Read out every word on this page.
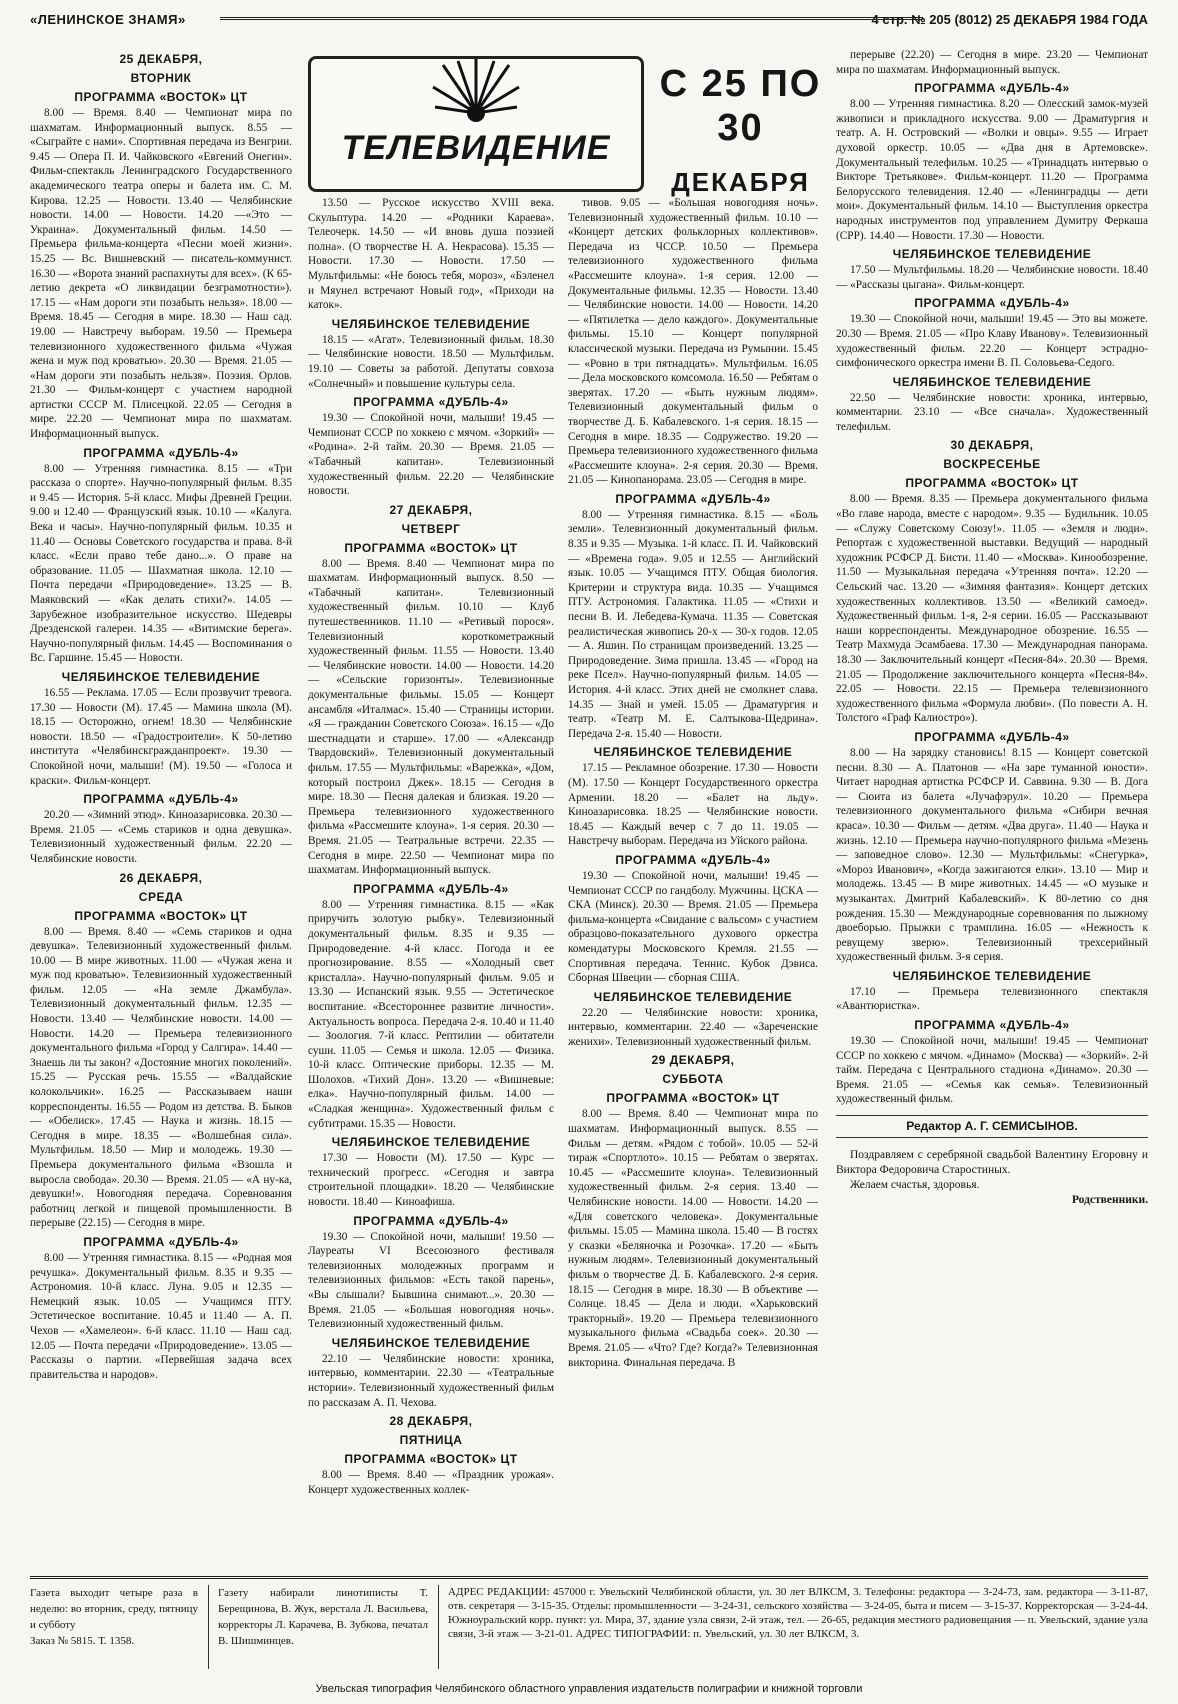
«ЛЕНИНСКОЕ ЗНАМЯ»	4 стр. № 205 (8012) 25 ДЕКАБРЯ 1984 ГОДА
ТЕЛЕВИДЕНИЕ
С 25 ПО 30
ДЕКАБРЯ
25 ДЕКАБРЯ,
ВТОРНИК
ПРОГРАММА «ВОСТОК» ЦТ

8.00 — Время. 8.40 — Чемпионат мира по шахматам. Информационный выпуск. 8.55 — «Сыграйте с нами». Спортивная передача из Венгрии. 9.45 — Опера П. И. Чайковского «Евгений Онегин». Фильм-спектакль Ленинградского Государственного академического театра оперы и балета им. С. М. Кирова. 12.25 — Новости. 13.40 — Челябинские новости. 14.00 — Новости. 14.20 —«Это — Украина». Документальный фильм. 14.50 — Премьера фильма-концерта «Песни моей жизни». 15.25 — Вс. Вишневский — писатель-коммунист. 16.30 — «Ворота знаний распахнуты для всех». (К 65-летию декрета «О ликвидации безграмотности»). 17.15 — «Нам дороги эти позабыть нельзя». 18.00 — Время. 18.45 — Сегодня в мире. 18.30 — Наш сад. 19.00 — Навстречу выборам. 19.50 — Премьера телевизионного художественного фильма «Чужая жена и муж под кроватью». 20.30 — Время. 21.05 — «Нам дороги эти позабыть нельзя». Поэзия. Орлов. 21.30 — Фильм-концерт с участием народной артистки СССР М. Плисецкой. 22.05 — Сегодня в мире. 22.20 — Чемпионат мира по шахматам. Информационный выпуск.

ПРОГРАММА «ДУБЛЬ-4»

8.00 — Утренняя гимнастика. 8.15 — «Три рассказа о спорте». Научно-популярный фильм. 8.35 и 9.45 — История. 5-й класс. Мифы Древней Греции. 9.00 и 12.40 — Французский язык. 10.10 — «Калуга. Века и часы». Научно-популярный фильм. 10.35 и 11.40 — Основы Советского государства и права. 8-й класс. «Если право тебе дано...». О праве на образование. 11.05 — Шахматная школа. 12.10 — Почта передачи «Природоведение». 13.25 — В. Маяковский — «Как делать стихи?». 14.05 — Зарубежное изобразительное искусство. Шедевры Дрезденской галереи. 14.35 — «Витимские берега». Научно-популярный фильм. 14.45 — Воспоминания о Вс. Гаршине. 15.45 — Новости.

ЧЕЛЯБИНСКОЕ ТЕЛЕВИДЕНИЕ

16.55 — Реклама. 17.05 — Если прозвучит тревога. 17.30 — Новости (М). 17.45 — Мамина школа (М). 18.15 — Осторожно, огнем! 18.30 — Челябинские новости. 18.50 — «Градостроители». К 50-летию института «Челябинскгражданпроект». 19.30 — Спокойной ночи, малыши! (М). 19.50 — «Голоса и краски». Фильм-концерт.

ПРОГРАММА «ДУБЛЬ-4»

20.20 — «Зимний этюд». Киноазарисовка. 20.30 — Время. 21.05 — «Семь стариков и одна девушка». Телевизионный художественный фильм. 22.20 — Челябинские новости.

26 ДЕКАБРЯ,
СРЕДА
ПРОГРАММА «ВОСТОК» ЦТ

8.00 — Время. 8.40 — «Семь стариков и одна девушка». Телевизионный художественный фильм. 10.00 — В мире животных. 11.00 — «Чужая жена и муж под кроватью». Телевизионный художественный фильм. 12.05 — «На земле Джамбула». Телевизионный документальный фильм. 12.35 — Новости. 13.40 — Челябинские новости. 14.00 — Новости. 14.20 — Премьера телевизионного документального фильма «Город у Салгира». 14.40 — Знаешь ли ты закон? «Достояние многих поколений». 15.25 — Русская речь. 15.55 — «Валдайские колокольчики». 16.25 — Рассказываем наши корреспонденты. 16.55 — Родом из детства. В. Быков — «Обелиск». 17.45 — Наука и жизнь. 18.15 — Сегодня в мире. 18.35 — «Волшебная сила». Мультфильм. 18.50 — Мир и молодежь. 19.30 — Премьера документального фильма «Взошла и выросла свобода». 20.30 — Время. 21.05 — «А ну-ка, девушки!». Новогодняя передача. Соревнования работниц легкой и пищевой промышленности. В перерыве (22.15) — Сегодня в мире.

ПРОГРАММА «ДУБЛЬ-4»

8.00 — Утренняя гимнастика. 8.15 — «Родная моя речушка». Документальный фильм. 8.35 и 9.35 — Астрономия. 10-й класс. Луна. 9.05 и 12.35 — Немецкий язык. 10.05 — Учащимся ПТУ. Эстетическое воспитание. 10.45 и 11.40 — А. П. Чехов — «Хамелеон». 6-й класс. 11.10 — Наш сад. 12.05 — Почта передачи «Природоведение». 13.05 — Рассказы о партии. «Первейшая задача всех правительства и народов».

13.50 — Русское искусство XVIII века. Скульптура. 14.20 — «Родники Караева». Телеочерк. 14.50 — «И вновь душа поэзией полна». (О творчестве Н. А. Некрасова). 15.35 — Новости. 17.30 — Новости. 17.50 — Мультфильмы: «Не боюсь тебя, мороз», «Бэленел и Мяунел встречают Новый год», «Приходи на каток».

ЧЕЛЯБИНСКОЕ ТЕЛЕВИДЕНИЕ

18.15 — «Агат». Телевизионный фильм. 18.30 — Челябинские новости. 18.50 — Мультфильм. 19.10 — Советы за работой. Депутаты совхоза «Солнечный» и повышение культуры села.

ПРОГРАММА «ДУБЛЬ-4»

19.30 — Спокойной ночи, малыши! 19.45 — Чемпионат СССР по хоккею с мячом. «Зоркий» — «Родина». 2-й тайм. 20.30 — Время. 21.05 — «Табачный капитан». Телевизионный художественный фильм. 22.20 — Челябинские новости.

27 ДЕКАБРЯ,
ЧЕТВЕРГ
ПРОГРАММА «ВОСТОК» ЦТ

8.00 — Время. 8.40 — Чемпионат мира по шахматам. Информационный выпуск. 8.50 — «Табачный капитан». Телевизионный художественный фильм. 10.10 — Клуб путешественников. 11.10 — «Ретивый порося». Телевизионный короткометражный художественный фильм. 11.55 — Новости. 13.40 — Челябинские новости. 14.00 — Новости. 14.20 — «Сельские горизонты». Телевизионные документальные фильмы. 15.05 — Концерт ансамбля «Италмас». 15.40 — Страницы истории. «Я — гражданин Советского Союза». 16.15 — «До шестнадцати и старше». 17.00 — «Александр Твардовский». Телевизионный документальный фильм. 17.55 — Мультфильмы: «Варежка», «Дом, который построил Джек». 18.15 — Сегодня в мире. 18.30 — Песня далекая и близкая. 19.20 — Премьера телевизионного художественного фильма «Рассмешите клоуна». 1-я серия. 20.30 — Время. 21.05 — Театральные встречи. 22.35 — Сегодня в мире. 22.50 — Чемпионат мира по шахматам. Информационный выпуск.

ПРОГРАММА «ДУБЛЬ-4»

8.00 — Утренняя гимнастика. 8.15 — «Как приручить золотую рыбку». Телевизионный документальный фильм. 8.35 и 9.35 — Природоведение. 4-й класс. Погода и ее прогнозирование. 8.55 — «Холодный свет кристалла». Научно-популярный фильм. 9.05 и 13.30 — Испанский язык. 9.55 — Эстетическое воспитание. «Всестороннее развитие личности». Актуальность вопроса. Передача 2-я. 10.40 и 11.40 — Зоология. 7-й класс. Рептилии — обитатели суши. 11.05 — Семья и школа. 12.05 — Физика. 10-й класс. Оптические приборы. 12.35 — М. Шолохов. «Тихий Дон». 13.20 — «Вишневые: елка». Научно-популярный фильм. 14.00 — «Сладкая женщина». Художественный фильм с субтитрами. 15.35 — Новости.

ЧЕЛЯБИНСКОЕ ТЕЛЕВИДЕНИЕ

17.30 — Новости (М). 17.50 — Курс — технический прогресс. «Сегодня и завтра строительной площадки». 18.20 — Челябинские новости. 18.40 — Киноафиша.

ПРОГРАММА «ДУБЛЬ-4»

19.30 — Спокойной ночи, малыши! 19.50 — Лауреаты VI Всесоюзного фестиваля телевизионных молодежных программ и телевизионных фильмов: «Есть такой парень», «Вы слышали? Бывшина снимают...». 20.30 — Время. 21.05 — «Большая новогодняя ночь». Телевизионный художественный фильм.

ЧЕЛЯБИНСКОЕ ТЕЛЕВИДЕНИЕ

22.10 — Челябинские новости: хроника, интервью, комментарии. 22.30 — «Театральные истории». Телевизионный художественный фильм по рассказам А. П. Чехова.

28 ДЕКАБРЯ,
ПЯТНИЦА
ПРОГРАММА «ВОСТОК» ЦТ

8.00 — Время. 8.40 — «Праздник урожая». Концерт художественных коллек-

тивов. 9.05 — «Большая новогодняя ночь». Телевизионный художественный фильм. 10.10 — «Концерт детских фольклорных коллективов». Передача из ЧССР. 10.50 — Премьера телевизионного художественного фильма «Рассмешите клоуна». 1-я серия. 12.00 — Документальные фильмы. 12.35 — Новости. 13.40 — Челябинские новости. 14.00 — Новости. 14.20 — «Пятилетка — дело каждого». Документальные фильмы. 15.10 — Концерт популярной классической музыки. Передача из Румынии. 15.45 — «Ровно в три пятнадцать». Мультфильм. 16.05 — Дела московского комсомола. 16.50 — Ребятам о зверятах. 17.20 — «Быть нужным людям». Телевизионный документальный фильм о творчестве Д. Б. Кабалевского. 1-я серия. 18.15 — Сегодня в мире. 18.35 — Содружество. 19.20 — Премьера телевизионного художественного фильма «Рассмешите клоуна». 2-я серия. 20.30 — Время. 21.05 — Кинопанорама. 23.05 — Сегодня в мире.

ПРОГРАММА «ДУБЛЬ-4»

8.00 — Утренняя гимнастика. 8.15 — «Боль земли». Телевизионный документальный фильм. 8.35 и 9.35 — Музыка. 1-й класс. П. И. Чайковский — «Времена года». 9.05 и 12.55 — Английский язык. 10.05 — Учащимся ПТУ. Общая биология. Критерии и структура вида. 10.35 — Учащимся ПТУ. Астрономия. Галактика. 11.05 — «Стихи и песни В. И. Лебедева-Кумача. 11.35 — Советская реалистическая живопись 20-х — 30-х годов. 12.05 — А. Яшин. По страницам произведений. 13.25 — Природоведение. Зима пришла. 13.45 — «Город на реке Псел». Научно-популярный фильм. 14.05 — История. 4-й класс. Этих дней не смолкнет слава. 14.35 — Знай и умей. 15.05 — Драматургия и театр. «Театр М. Е. Салтыкова-Щедрина». Передача 2-я. 15.40 — Новости.

ЧЕЛЯБИНСКОЕ ТЕЛЕВИДЕНИЕ

17.15 — Рекламное обозрение. 17.30 — Новости (М). 17.50 — Концерт Государственного оркестра Армении. 18.20 — «Балет на льду». Киноазарисовка. 18.25 — Челябинские новости. 18.45 — Каждый вечер с 7 до 11. 19.05 — Навстречу выборам. Передача из Уйского района.

ПРОГРАММА «ДУБЛЬ-4»

19.30 — Спокойной ночи, малыши! 19.45 — Чемпионат СССР по гандболу. Мужчины. ЦСКА — СКА (Минск). 20.30 — Время. 21.05 — Премьера фильма-концерта «Свидание с вальсом» с участием образцово-показательного духового оркестра комендатуры Московского Кремля. 21.55 — Спортивная передача. Теннис. Кубок Дэвиса. Сборная Швеции — сборная США.

ЧЕЛЯБИНСКОЕ ТЕЛЕВИДЕНИЕ

22.20 — Челябинские новости: хроника, интервью, комментарии. 22.40 — «Зареченские женихи». Телевизионный художественный фильм.

29 ДЕКАБРЯ,
СУББОТА
ПРОГРАММА «ВОСТОК» ЦТ

8.00 — Время. 8.40 — Чемпионат мира по шахматам. Информационный выпуск. 8.55 — Фильм — детям. «Рядом с тобой». 10.05 — 52-й тираж «Спортлото». 10.15 — Ребятам о зверятах. 10.45 — «Рассмешите клоуна». Телевизионный художественный фильм. 2-я серия. 13.40 — Челябинские новости. 14.00 — Новости. 14.20 — «Для советского человека». Документальные фильмы. 15.05 — Мамина школа. 15.40 — В гостях у сказки «Беляночка и Розочка». 17.20 — «Быть нужным людям». Телевизионный документальный фильм о творчестве Д. Б. Кабалевского. 2-я серия. 18.15 — Сегодня в мире. 18.30 — В объективе — Солнце. 18.45 — Дела и люди. «Харьковский тракторный». 19.20 — Премьера телевизионного музыкального фильма «Свадьба соек». 20.30 — Время. 21.05 — «Что? Где? Когда?» Телевизионная викторина. Финальная передача. В

перерыве (22.20) — Сегодня в мире. 23.20 — Чемпионат мира по шахматам. Информационный выпуск.

ПРОГРАММА «ДУБЛЬ-4»

8.00 — Утренняя гимнастика. 8.20 — Олесский замок-музей живописи и прикладного искусства. 9.00 — Драматургия и театр. А. Н. Островский — «Волки и овцы». 9.55 — Играет духовой оркестр. 10.05 — «Два дня в Артемовске». Документальный телефильм. 10.25 — «Тринадцать интервью о Викторе Третьякове». Фильм-концерт. 11.20 — Программа Белорусского телевидения. 12.40 — «Ленинградцы — дети мои». Документальный фильм. 14.10 — Выступления оркестра народных инструментов под управлением Думитру Феркаша (СРР). 14.40 — Новости. 17.30 — Новости.

ЧЕЛЯБИНСКОЕ ТЕЛЕВИДЕНИЕ

17.50 — Мультфильмы. 18.20 — Челябинские новости. 18.40 — «Рассказы цыгана». Фильм-концерт.

ПРОГРАММА «ДУБЛЬ-4»

19.30 — Спокойной ночи, малыши! 19.45 — Это вы можете. 20.30 — Время. 21.05 — «Про Клаву Иванову». Телевизионный художественный фильм. 22.20 — Концерт эстрадно-симфонического оркестра имени В. П. Соловьева-Седого.

ЧЕЛЯБИНСКОЕ ТЕЛЕВИДЕНИЕ

22.50 — Челябинские новости: хроника, интервью, комментарии. 23.10 — «Все сначала». Художественный телефильм.

30 ДЕКАБРЯ,
ВОСКРЕСЕНЬЕ
ПРОГРАММА «ВОСТОК» ЦТ

8.00 — Время. 8.35 — Премьера документального фильма «Во главе народа, вместе с народом». 9.35 — Будильник. 10.05 — «Служу Советскому Союзу!». 11.05 — «Земля и люди». Репортаж с художественной выставки. Ведущий — народный художник РСФСР Д. Бисти. 11.40 — «Москва». Кинообозрение. 11.50 — Музыкальная передача «Утренняя почта». 12.20 — Сельский час. 13.20 — «Зимняя фантазия». Концерт детских художественных коллективов. 13.50 — «Великий самоед». Художественный фильм. 1-я, 2-я серии. 16.05 — Рассказывают наши корреспонденты. Международное обозрение. 16.55 — Театр Махмуда Эсамбаева. 17.30 — Международная панорама. 18.30 — Заключительный концерт «Песня-84». 20.30 — Время. 21.05 — Продолжение заключительного концерта «Песня-84». 22.05 — Новости. 22.15 — Премьера телевизионного художественного фильма «Формула любви». (По повести А. Н. Толстого «Граф Калиостро»).

ПРОГРАММА «ДУБЛЬ-4»

8.00 — На зарядку становись! 8.15 — Концерт советской песни. 8.30 — А. Платонов — «На заре туманной юности». Читает народная артистка РСФСР И. Саввина. 9.30 — В. Дога — Сюита из балета «Лучафэрул». 10.20 — Премьера телевизионного документального фильма «Сибири вечная краса». 10.30 — Фильм — детям. «Два друга». 11.40 — Наука и жизнь. 12.10 — Премьера научно-популярного фильма «Мезень — заповедное слово». 12.30 — Мультфильмы: «Снегурка», «Мороз Иванович», «Когда зажигаются елки». 13.10 — Мир и молодежь. 13.45 — В мире животных. 14.45 — «О музыке и музыкантах. Дмитрий Кабалевский». К 80-летию со дня рождения. 15.30 — Международные соревнования по лыжному двоеборью. Прыжки с трамплина. 16.05 — «Нежность к ревущему зверю». Телевизионный трехсерийный художественный фильм. 3-я серия.

ЧЕЛЯБИНСКОЕ ТЕЛЕВИДЕНИЕ

17.10 — Премьера телевизионного спектакля «Авантюристка».

ПРОГРАММА «ДУБЛЬ-4»

19.30 — Спокойной ночи, малыши! 19.45 — Чемпионат СССР по хоккею с мячом. «Динамо» (Москва) — «Зоркий». 2-й тайм. Передача с Центрального стадиона «Динамо». 20.30 — Время. 21.05 — «Семья как семья». Телевизионный художественный фильм.

Редактор А. Г. СЕМИСЫНОВ.

Поздравляем с серебряной свадьбой Валентину Егоровну и Виктора Федоровича Старостиных.

Желаем счастья, здоровья.

Родственники.
Газета выходит четыре раза в неделю: во вторник, среду, пятницу и субботу
Заказ № 5815. Т. 1358.
Газету набирали линотиписты Т. Берещинова, В. Жук, верстала Л. Васильева, корректоры Л. Карачева, В. Зубкова, печатал В. Шишминцев.
АДРЕС РЕДАКЦИИ: 457000 г. Увельский Челябинской области, ул. 30 лет ВЛКСМ, 3. Телефоны: редактора — 3-24-73, зам. редактора — 3-11-87, отв. секретаря — 3-15-35. Отделы: промышленности — 3-24-31, сельского хозяйства — 3-24-05, быта и писем — 3-15-37. Корректорская — 3-24-44. Южноуральский корр. пункт: ул. Мира, 37, здание узла связи, 2-й этаж, тел. — 26-65, редакция местного радиовещания — п. Увельский, здание узла связи, 3-й этаж — 3-21-01. АДРЕС ТИПОГРАФИИ: п. Увельский, ул. 30 лет ВЛКСМ, 3.
Увельская типография Челябинского областного управления издательств полиграфии и книжной торговли
